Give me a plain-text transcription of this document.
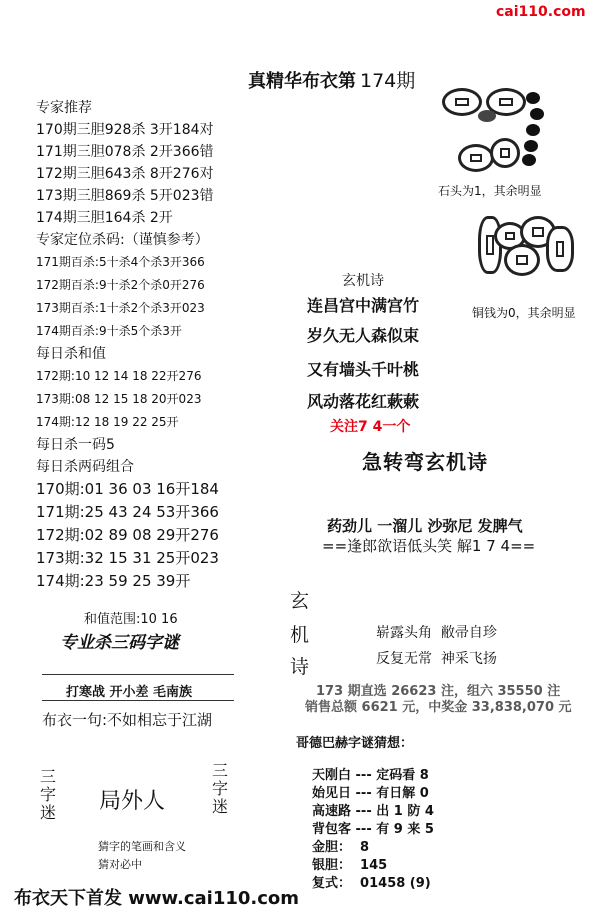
cai110.com
真精华布衣第 174期
专家推荐
170期三胆928杀 3开184对
171期三胆078杀 2开366错
172期三胆643杀 8开276对
173期三胆869杀 5开023错
174期三胆164杀 2开
专家定位杀码:（谨慎参考）
171期百杀:5十杀4个杀3开366
172期百杀:9十杀2个杀0开276
173期百杀:1十杀2个杀3开023
174期百杀:9十杀5个杀3开
每日杀和值
172期:10 12 14 18 22开276
173期:08 12 15 18 20开023
174期:12 18 19 22 25开
每日杀一码5
每日杀两码组合
170期:01 36 03 16开184
171期:25 43 24 53开366
172期:02 89 08 29开276
173期:32 15 31 25开023
174期:23 59 25 39开
和值范围:10 16
专业杀三码字谜
打寒战 开小差 毛南族
布衣一句:不如相忘于江湖
三字迷 局外人
三字迷
猜字的笔画和含义
猜对必中
石头为1，其余明显
铜钱为0，其余明显
玄机诗
连昌宫中满宫竹
岁久无人森似束
又有墙头千叶桃
风动落花红蔌蔌
关注7 4一个
急转弯玄机诗
药劲儿 一溜儿 沙弥尼 发脾气
==逢郎欲语低头笑 解1 7 4==
玄
机
诗
崭露头角  敝帚自珍
反复无常  神采飞扬
173 期直选 26623 注，组六 35550 注
销售总额 6621 元，中奖金 33,838,070 元
哥德巴赫字谜猜想：
天刚白 --- 定码看 8
始见日 --- 有日解 0
高速路 --- 出 1 防 4
背包客 --- 有 9 来 5
金胆：  8
银胆：  145
复式：  01458 (9)
布衣天下首发 www.cai110.com
